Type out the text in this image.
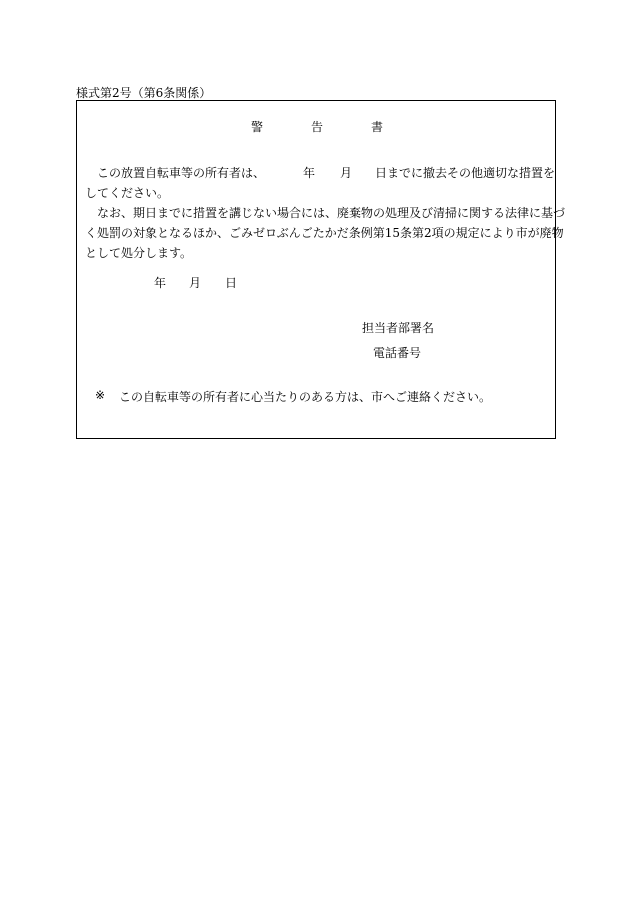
様式第2号（第6条関係）
警	告	書
この放置自転車等の所有者は、	年 月 日までに撤去その他適切な措置を
してください。
なお、期日までに措置を講じない場合には、廃棄物の処理及び清掃に関する法律に基づ
く処罰の対象となるほか、ごみゼロぶんごたかだ条例第15条第2項の規定により市が廃物
として処分します。
年 月 日
担当者部署名
電話番号
※ この自転車等の所有者に心当たりのある方は、市へご連絡ください。
